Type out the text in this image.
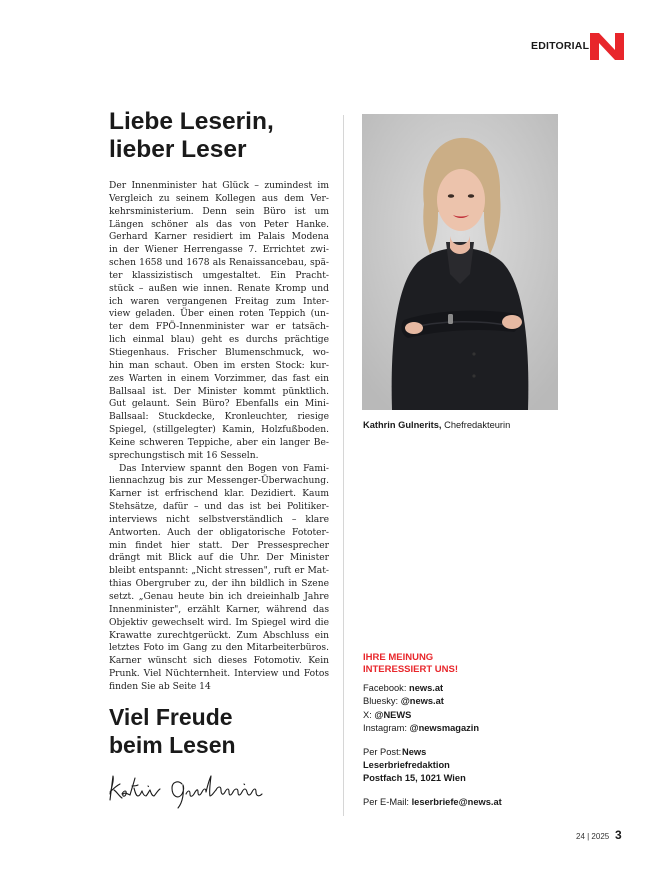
EDITORIAL
Liebe Leserin,
lieber Leser

Der Innenminister hat Glück – zumindest im
Vergleich zu seinem Kollegen aus dem Ver-
kehrsministerium. Denn sein Büro ist um
Längen schöner als das von Peter Hanke.
Gerhard Karner residiert im Palais Modena
in der Wiener Herrengasse 7. Errichtet zwi-
schen 1658 und 1678 als Renaissancebau, spä-
ter klassizistisch umgestaltet. Ein Pracht-
stück – außen wie innen. Renate Kromp und
ich waren vergangenen Freitag zum Inter-
view geladen. Über einen roten Teppich (un-
ter dem FPÖ-Innenminister war er tatsäch-
lich einmal blau) geht es durchs prächtige
Stiegenhaus. Frischer Blumenschmuck, wo-
hin man schaut. Oben im ersten Stock: kur-
zes Warten in einem Vorzimmer, das fast ein
Ballsaal ist. Der Minister kommt pünktlich.
Gut gelaunt. Sein Büro? Ebenfalls ein Mini-
Ballsaal: Stuckdecke, Kronleuchter, riesige
Spiegel, (stillgelegter) Kamin, Holzfußboden.
Keine schweren Teppiche, aber ein langer Be-
sprechungstisch mit 16 Sesseln.

Das Interview spannt den Bogen von Fami-
liennachzug bis zur Messenger-Überwachung.
Karner ist erfrischend klar. Dezidiert. Kaum
Stehsätze, dafür – und das ist bei Politiker-
interviews nicht selbstverständlich – klare
Antworten. Auch der obligatorische Fototer-
min findet hier statt. Der Pressesprecher
drängt mit Blick auf die Uhr. Der Minister
bleibt entspannt: „Nicht stressen", ruft er Mat-
thias Obergruber zu, der ihn bildlich in Szene
setzt. „Genau heute bin ich dreieinhalb Jahre
Innenminister", erzählt Karner, während das
Objektiv gewechselt wird. Im Spiegel wird die
Krawatte zurechtgerückt. Zum Abschluss ein
letztes Foto im Gang zu den Mitarbeiterbüros.
Karner wünscht sich dieses Fotomotiv. Kein
Prunk. Viel Nüchternheit. Interview und Fotos
finden Sie ab Seite 14

Viel Freude
beim Lesen
Kathrin Gulnerits, Chefredakteurin
IHRE MEINUNG
INTERESSIERT UNS!
Facebook: news.at
Bluesky: @news.at
X: @NEWS
Instagram: @newsmagazin
Per Post: News
Leserbriefredaktion
Postfach 15, 1021 Wien
Per E-Mail: leserbriefe@news.at
24 | 2025 3
